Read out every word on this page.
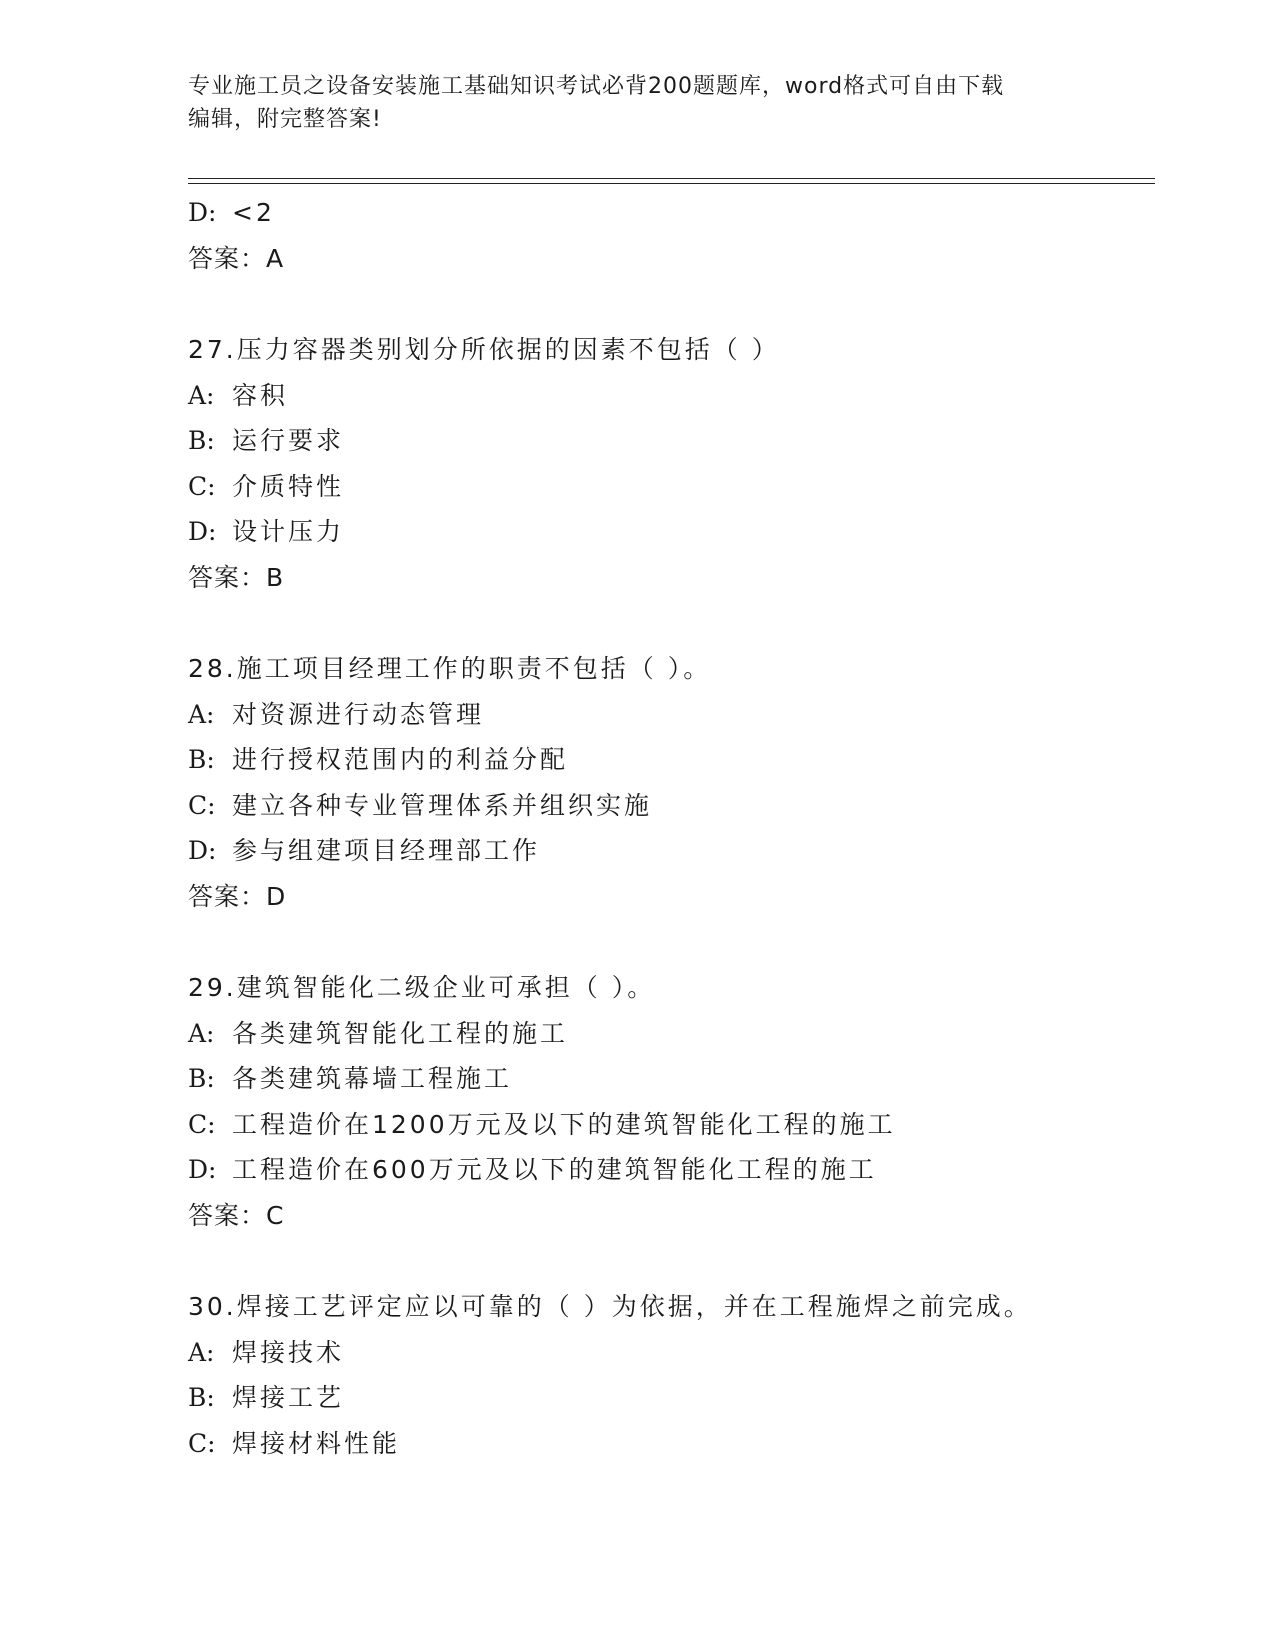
专业施工员之设备安装施工基础知识考试必背200题题库，word格式可自由下载
编辑，附完整答案!
D: <2
答案：A
27.压力容器类别划分所依据的因素不包括（ ）
A: 容积
B: 运行要求
C: 介质特性
D: 设计压力
答案：B
28.施工项目经理工作的职责不包括（ ）。
A: 对资源进行动态管理
B: 进行授权范围内的利益分配
C: 建立各种专业管理体系并组织实施
D: 参与组建项目经理部工作
答案：D
29.建筑智能化二级企业可承担（ ）。
A: 各类建筑智能化工程的施工
B: 各类建筑幕墙工程施工
C: 工程造价在1200万元及以下的建筑智能化工程的施工
D: 工程造价在600万元及以下的建筑智能化工程的施工
答案：C
30.焊接工艺评定应以可靠的（ ）为依据，并在工程施焊之前完成。
A: 焊接技术
B: 焊接工艺
C: 焊接材料性能
